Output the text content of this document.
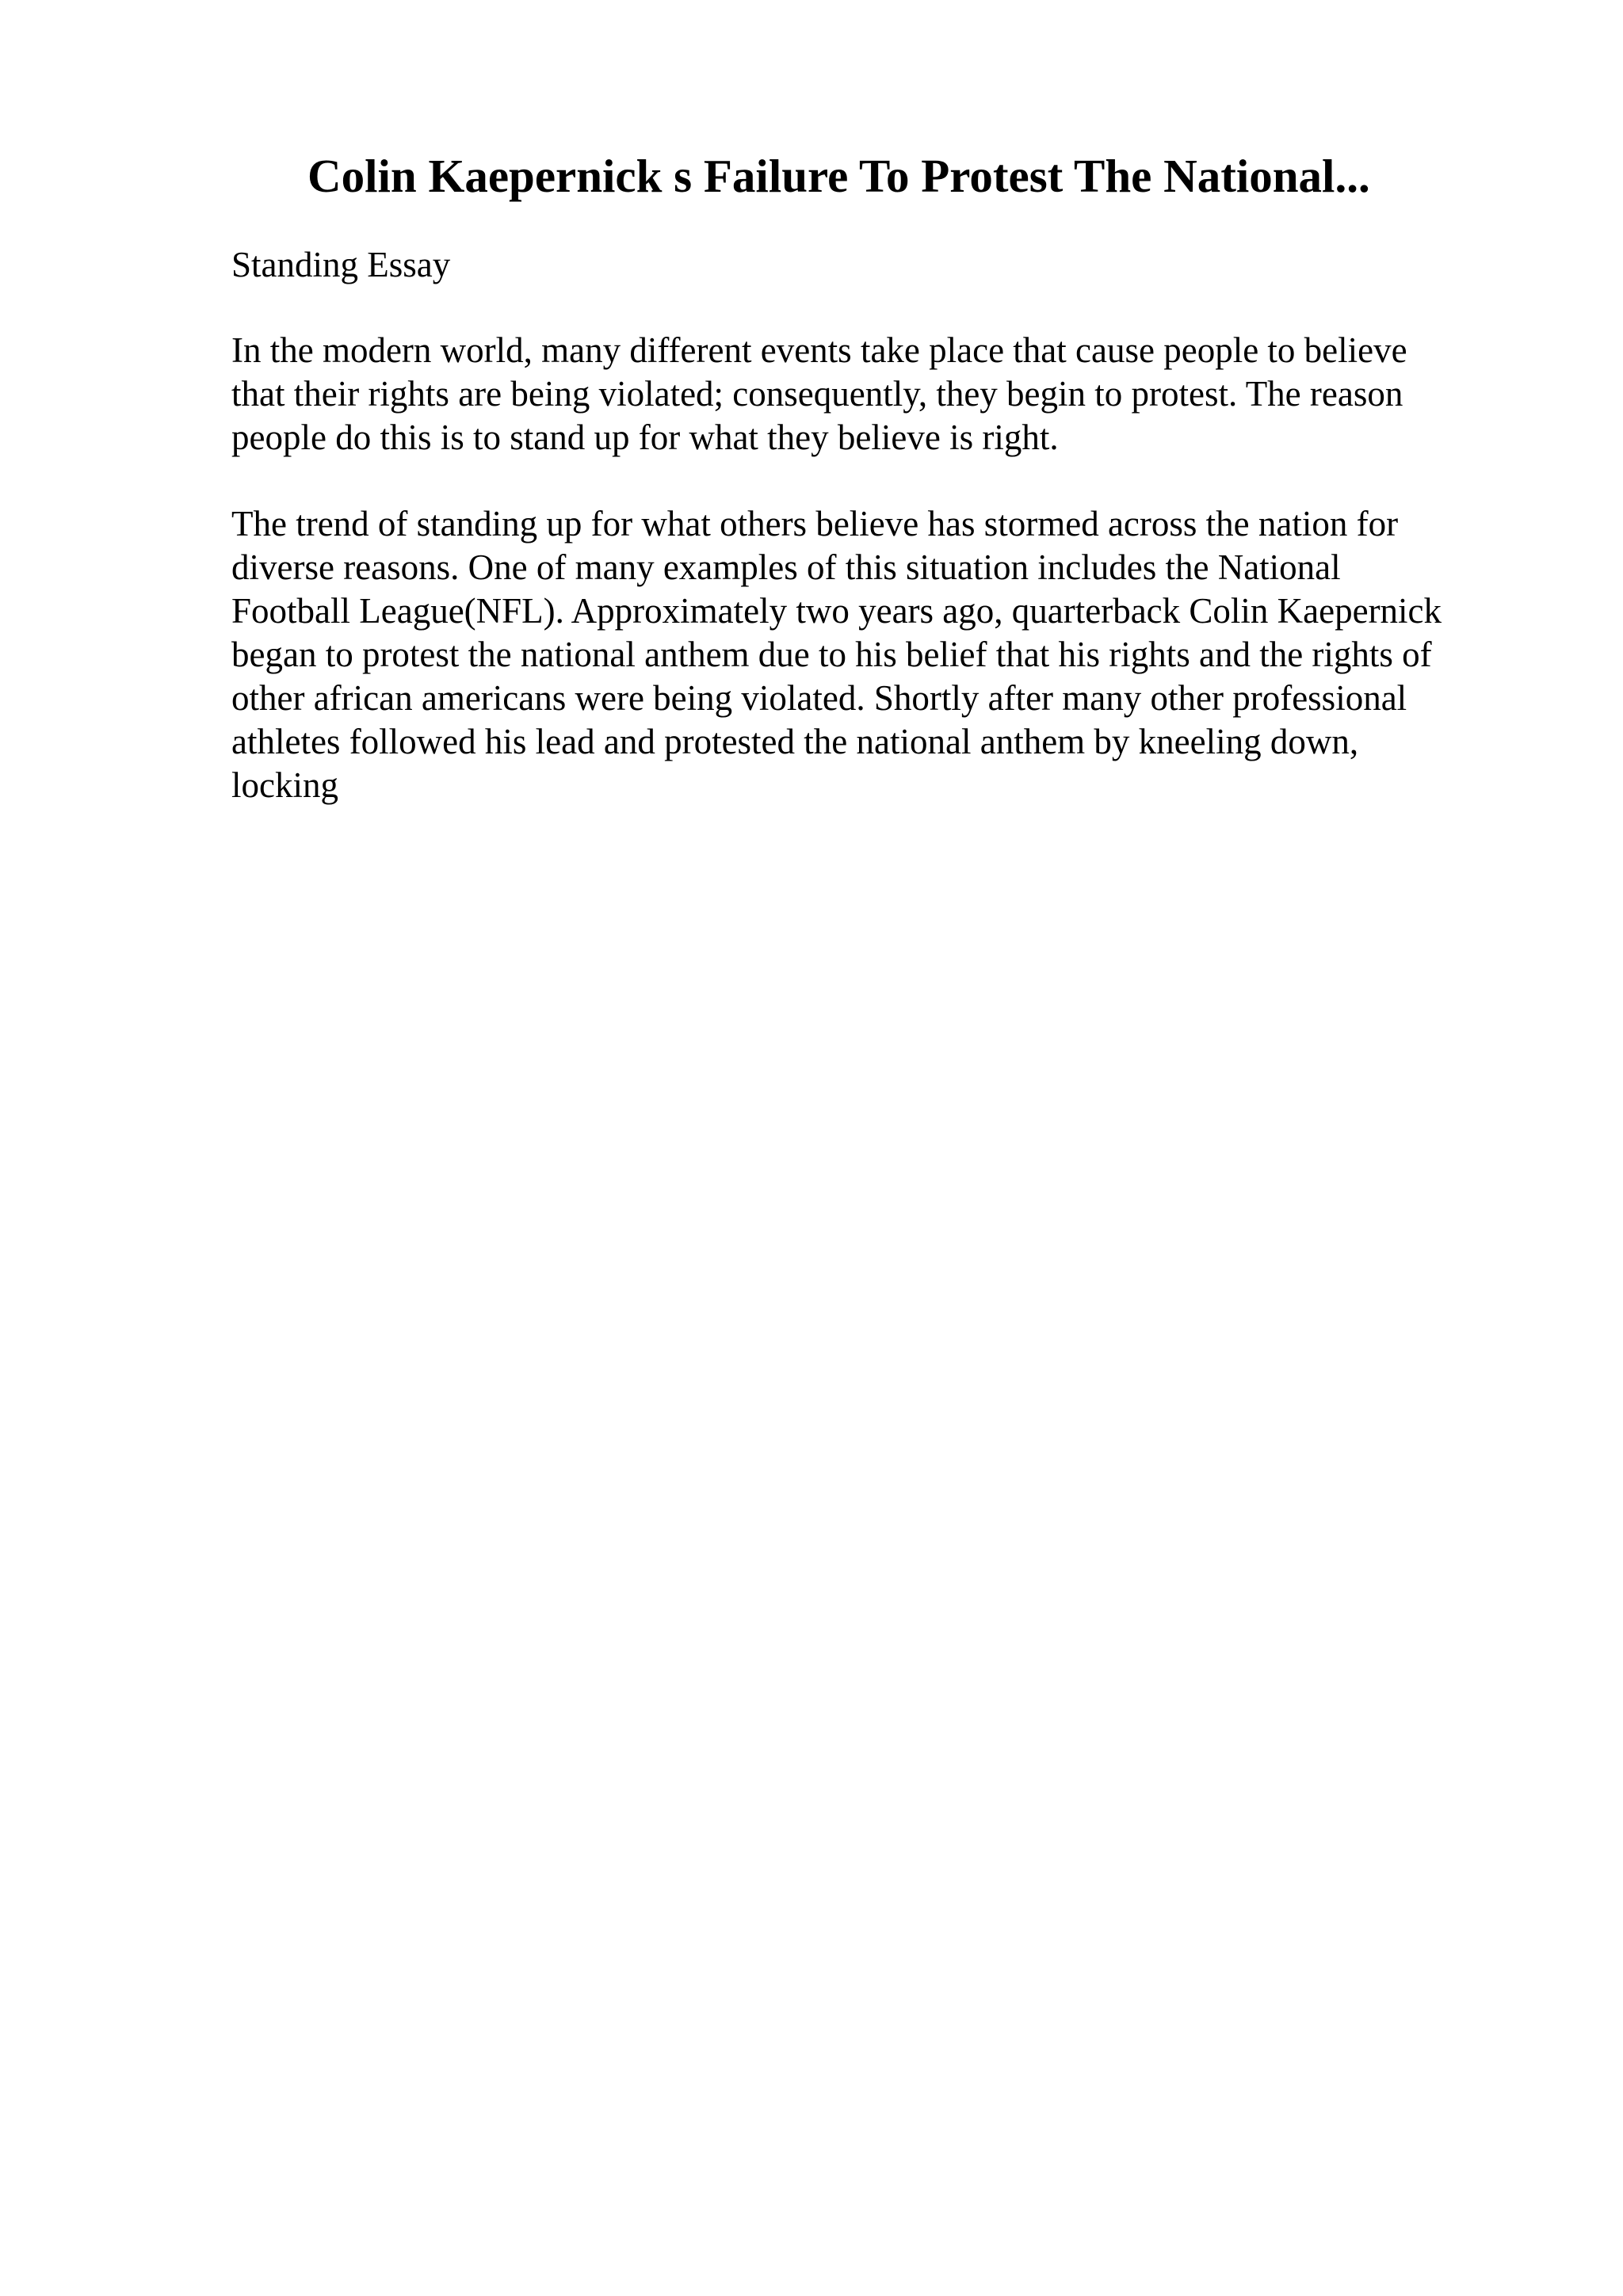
Colin Kaepernick s Failure To Protest The National...

Standing Essay

In the modern world, many different events take place that cause people to believe
that their rights are being violated; consequently, they begin to protest. The reason
people do this is to stand up for what they believe is right.

The trend of standing up for what others believe has stormed across the nation for
diverse reasons. One of many examples of this situation includes the National
Football League(NFL). Approximately two years ago, quarterback Colin Kaepernick
began to protest the national anthem due to his belief that his rights and the rights of
other african americans were being violated. Shortly after many other professional
athletes followed his lead and protested the national anthem by kneeling down,
locking
